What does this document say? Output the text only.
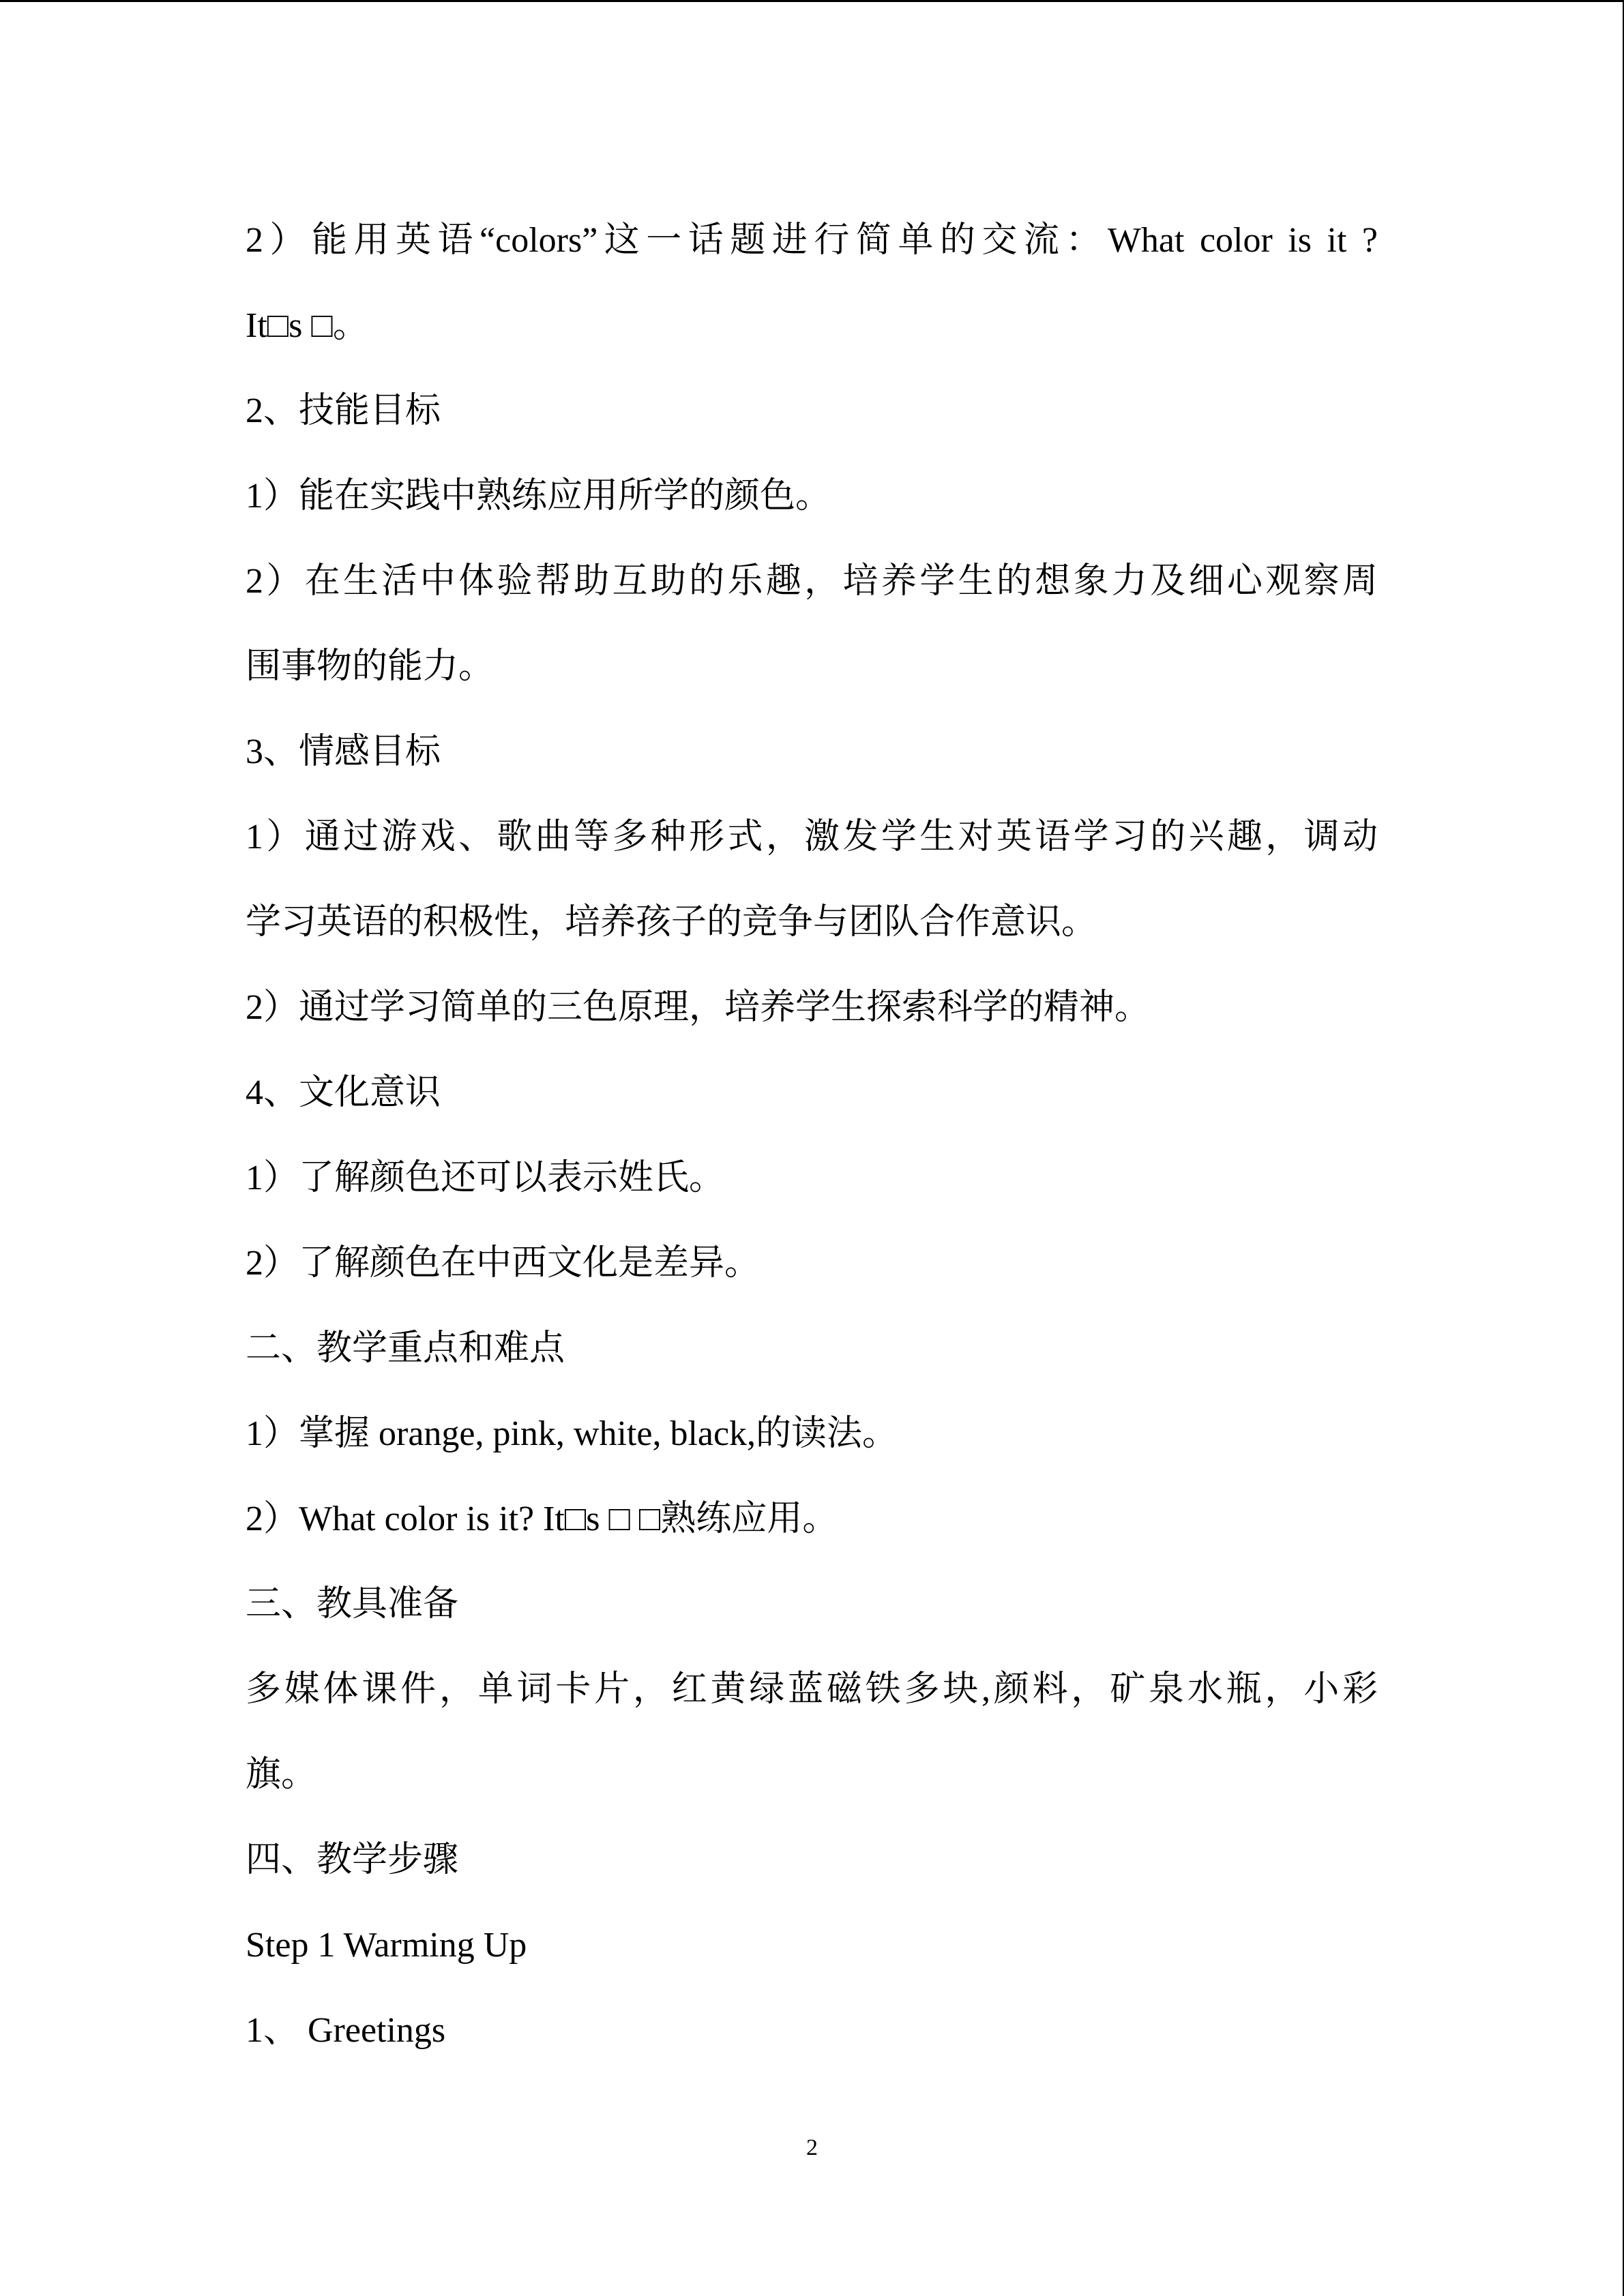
2）能用英语“colors”这一话题进行简单的交流：What color is it ?
It□s □。
2、技能目标
1）能在实践中熟练应用所学的颜色。
2）在生活中体验帮助互助的乐趣，培养学生的想象力及细心观察周
围事物的能力。
3、情感目标
1）通过游戏、歌曲等多种形式，激发学生对英语学习的兴趣，调动
学习英语的积极性，培养孩子的竞争与团队合作意识。
2）通过学习简单的三色原理，培养学生探索科学的精神。
4、文化意识
1）了解颜色还可以表示姓氏。
2）了解颜色在中西文化是差异。
二、教学重点和难点
1）掌握 orange, pink, white, black,的读法。
2）What color is it? It□s □ □熟练应用。
三、教具准备
多媒体课件，单词卡片，红黄绿蓝磁铁多块,颜料，矿泉水瓶，小彩
旗。
四、教学步骤
Step 1 Warming Up
1、 Greetings
2
